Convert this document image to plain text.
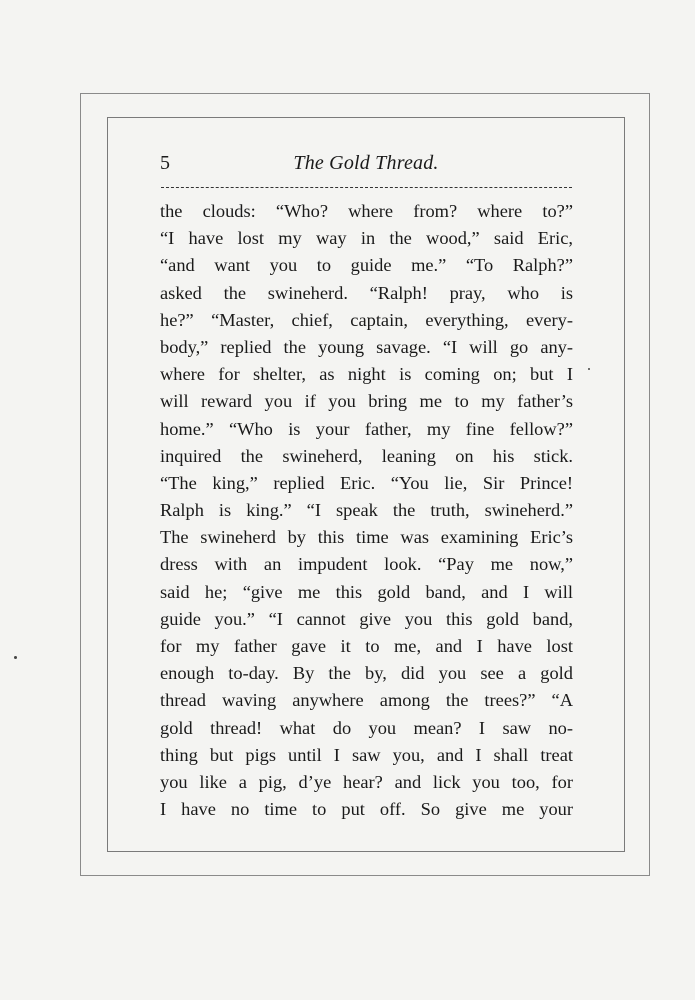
5	The Gold Thread.
the clouds: “Who? where from? where to?”
“I have lost my way in the wood,” said Eric,
“and want you to guide me.” “To Ralph?”
asked the swineherd. “Ralph! pray, who is
he?” “Master, chief, captain, everything, every-
body,” replied the young savage. “I will go any-
where for shelter, as night is coming on; but I
will reward you if you bring me to my father’s
home.” “Who is your father, my fine fellow?”
inquired the swineherd, leaning on his stick.
“The king,” replied Eric. “You lie, Sir Prince!
Ralph is king.” “I speak the truth, swineherd.”
The swineherd by this time was examining Eric’s
dress with an impudent look. “Pay me now,”
said he; “give me this gold band, and I will
guide you.” “I cannot give you this gold band,
for my father gave it to me, and I have lost
enough to-day. By the by, did you see a gold
thread waving anywhere among the trees?” “A
gold thread! what do you mean? I saw no-
thing but pigs until I saw you, and I shall treat
you like a pig, d’ye hear? and lick you too, for
I have no time to put off. So give me your
